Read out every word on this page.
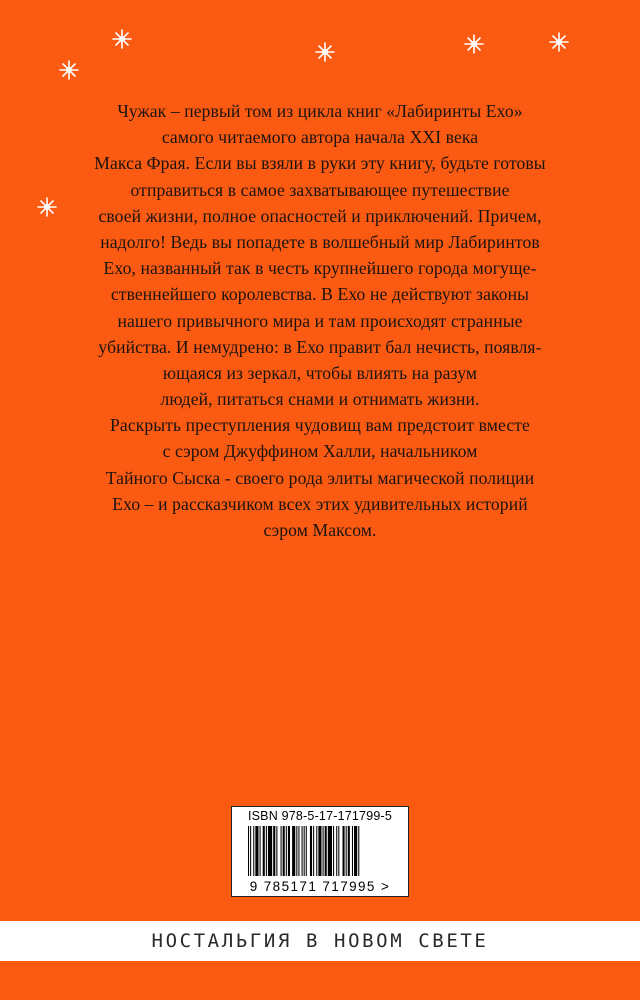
Чужак – первый том из цикла книг «Лабиринты Ехо»
самого читаемого автора начала XXI века
Макса Фрая. Если вы взяли в руки эту книгу, будьте готовы
отправиться в самое захватывающее путешествие
своей жизни, полное опасностей и приключений. Причем,
надолго! Ведь вы попадете в волшебный мир Лабиринтов
Ехо, названный так в честь крупнейшего города могуще-
ственнейшего королевства. В Ехо не действуют законы
нашего привычного мира и там происходят странные
убийства. И немудрено: в Ехо правит бал нечисть, появля-
ющаяся из зеркал, чтобы влиять на разум
людей, питаться снами и отнимать жизни.
Раскрыть преступления чудовищ вам предстоит вместе
с сэром Джуффином Халли, начальником
Тайного Сыска - своего рода элиты магической полиции
Ехо – и рассказчиком всех этих удивительных историй
сэром Максом.
ISBN 978-5-17-171799-5
9 785171 717995 >
НОСТАЛЬГИЯ В НОВОМ СВЕТЕ
